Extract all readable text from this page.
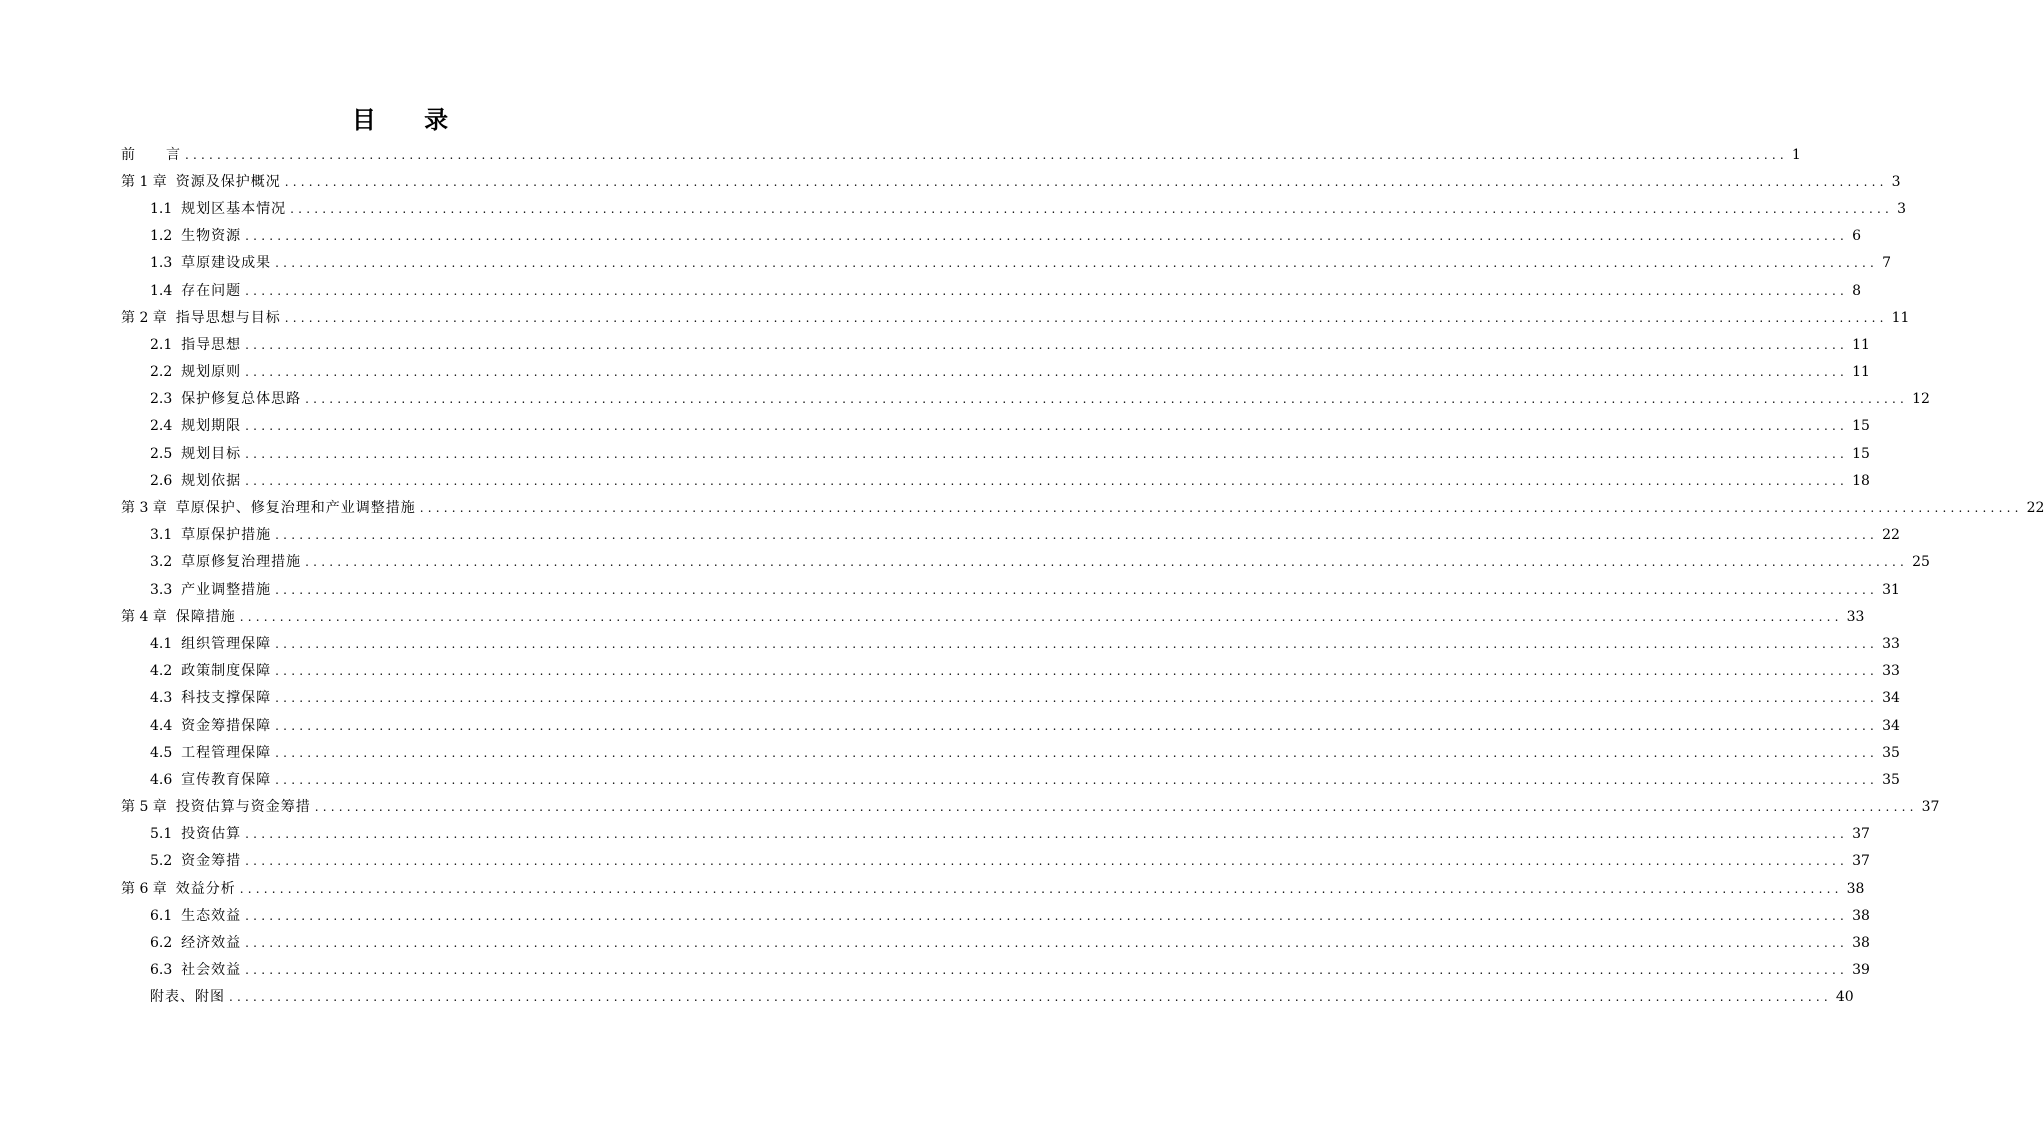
目 录
前　　言 ........................................................................................................................................................................................................ 1
第 1 章 资源及保护概况 ........................................................................................................................................................................................................ 3
1.1 规划区基本情况 ........................................................................................................................................................................................................ 3
1.2 生物资源 ........................................................................................................................................................................................................ 6
1.3 草原建设成果 ........................................................................................................................................................................................................ 7
1.4 存在问题 ........................................................................................................................................................................................................ 8
第 2 章 指导思想与目标 ........................................................................................................................................................................................................ 11
2.1 指导思想 ........................................................................................................................................................................................................ 11
2.2 规划原则 ........................................................................................................................................................................................................ 11
2.3 保护修复总体思路 ........................................................................................................................................................................................................ 12
2.4 规划期限 ........................................................................................................................................................................................................ 15
2.5 规划目标 ........................................................................................................................................................................................................ 15
2.6 规划依据 ........................................................................................................................................................................................................ 18
第 3 章 草原保护、修复治理和产业调整措施 ........................................................................................................................................................................................................ 22
3.1 草原保护措施 ........................................................................................................................................................................................................ 22
3.2 草原修复治理措施 ........................................................................................................................................................................................................ 25
3.3 产业调整措施 ........................................................................................................................................................................................................ 31
第 4 章 保障措施 ........................................................................................................................................................................................................ 33
4.1 组织管理保障 ........................................................................................................................................................................................................ 33
4.2 政策制度保障 ........................................................................................................................................................................................................ 33
4.3 科技支撑保障 ........................................................................................................................................................................................................ 34
4.4 资金筹措保障 ........................................................................................................................................................................................................ 34
4.5 工程管理保障 ........................................................................................................................................................................................................ 35
4.6 宣传教育保障 ........................................................................................................................................................................................................ 35
第 5 章 投资估算与资金筹措 ........................................................................................................................................................................................................ 37
5.1 投资估算 ........................................................................................................................................................................................................ 37
5.2 资金筹措 ........................................................................................................................................................................................................ 37
第 6 章 效益分析 ........................................................................................................................................................................................................ 38
6.1 生态效益 ........................................................................................................................................................................................................ 38
6.2 经济效益 ........................................................................................................................................................................................................ 38
6.3 社会效益 ........................................................................................................................................................................................................ 39
附表、附图 ........................................................................................................................................................................................................ 40
